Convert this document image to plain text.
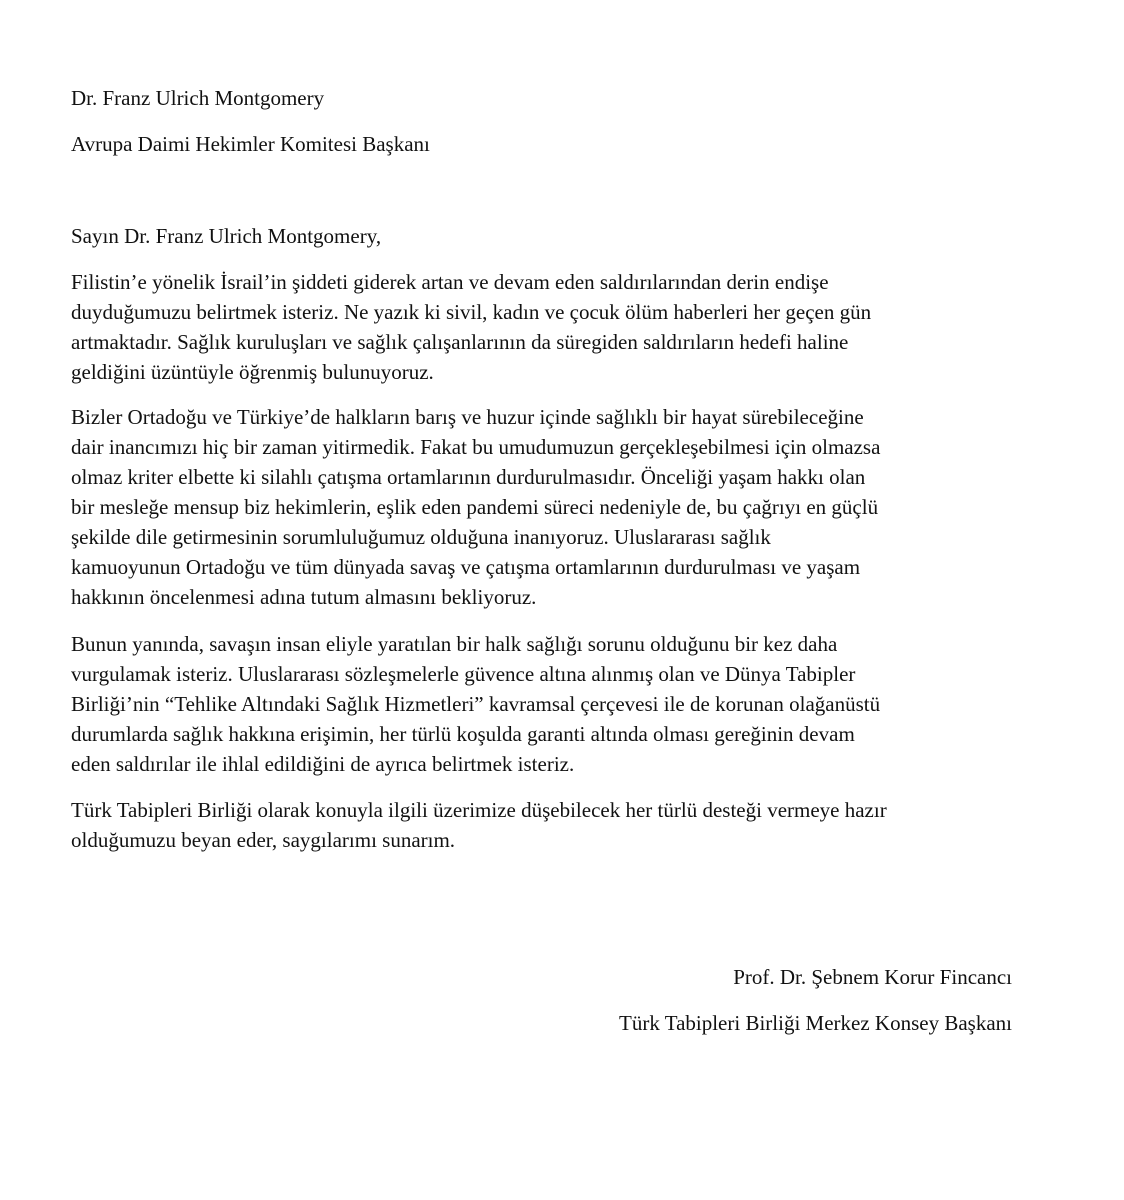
Dr. Franz Ulrich Montgomery
Avrupa Daimi Hekimler Komitesi Başkanı
Sayın Dr. Franz Ulrich Montgomery,

Filistin’e yönelik İsrail’in şiddeti giderek artan ve devam eden saldırılarından derin endişe
duyduğumuzu belirtmek isteriz. Ne yazık ki sivil, kadın ve çocuk ölüm haberleri her geçen gün
artmaktadır. Sağlık kuruluşları ve sağlık çalışanlarının da süregiden saldırıların hedefi haline
geldiğini üzüntüyle öğrenmiş bulunuyoruz.

Bizler Ortadoğu ve Türkiye’de halkların barış ve huzur içinde sağlıklı bir hayat sürebileceğine
dair inancımızı hiç bir zaman yitirmedik. Fakat bu umudumuzun gerçekleşebilmesi için olmazsa
olmaz kriter elbette ki silahlı çatışma ortamlarının durdurulmasıdır. Önceliği yaşam hakkı olan
bir mesleğe mensup biz hekimlerin, eşlik eden pandemi süreci nedeniyle de, bu çağrıyı en güçlü
şekilde dile getirmesinin sorumluluğumuz olduğuna inanıyoruz. Uluslararası sağlık
kamuoyunun Ortadoğu ve tüm dünyada savaş ve çatışma ortamlarının durdurulması ve yaşam
hakkının öncelenmesi adına tutum almasını bekliyoruz.

Bunun yanında, savaşın insan eliyle yaratılan bir halk sağlığı sorunu olduğunu bir kez daha
vurgulamak isteriz. Uluslararası sözleşmelerle güvence altına alınmış olan ve Dünya Tabipler
Birliği’nin “Tehlike Altındaki Sağlık Hizmetleri” kavramsal çerçevesi ile de korunan olağanüstü
durumlarda sağlık hakkına erişimin, her türlü koşulda garanti altında olması gereğinin devam
eden saldırılar ile ihlal edildiğini de ayrıca belirtmek isteriz.

Türk Tabipleri Birliği olarak konuyla ilgili üzerimize düşebilecek her türlü desteği vermeye hazır
olduğumuzu beyan eder, saygılarımı sunarım.

Prof. Dr. Şebnem Korur Fincancı
Türk Tabipleri Birliği Merkez Konsey Başkanı
